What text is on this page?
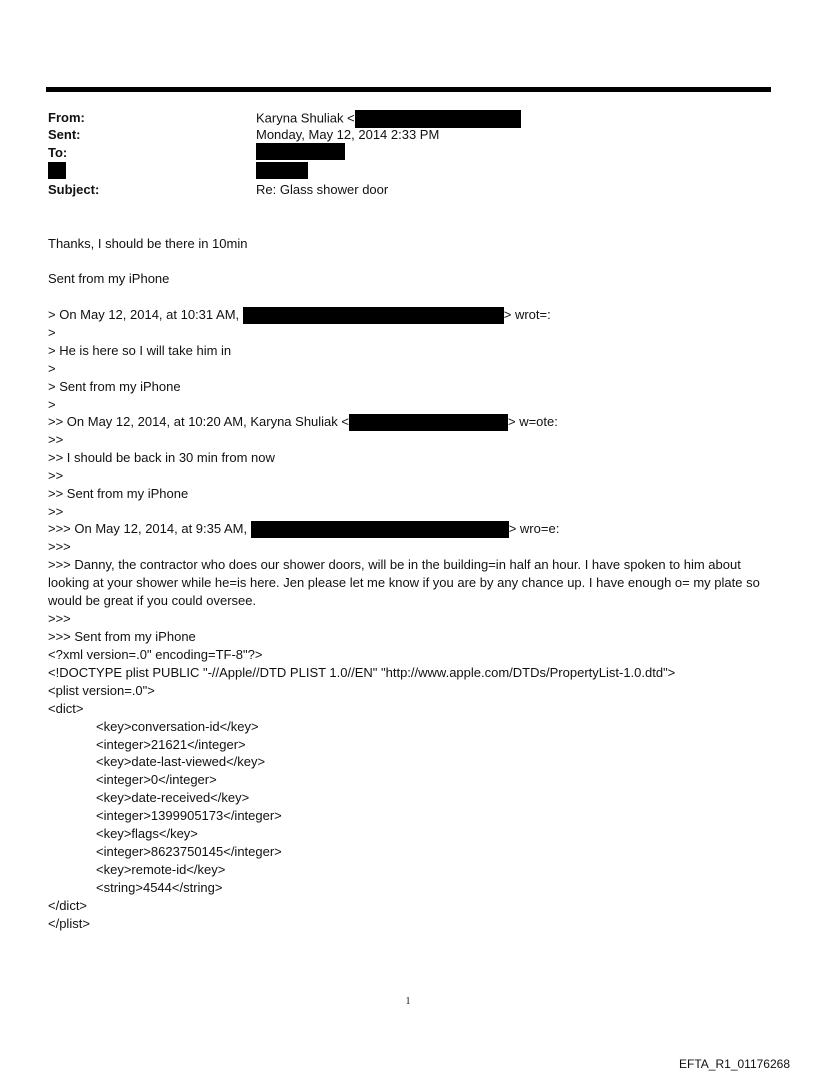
From:	Karyna Shuliak <
Sent:	Monday, May 12, 2014 2:33 PM
To:
Subject:	Re: Glass shower door
Thanks, I should be there in 10min
Sent from my iPhone
> On May 12, 2014, at 10:31 AM,	> wrot=:
>
> He is here so I will take him in
>
> Sent from my iPhone
>
>> On May 12, 2014, at 10:20 AM, Karyna Shuliak <	> w=ote:
>>
>> I should be back in 30 min from now
>>
>> Sent from my iPhone
>>
>>> On May 12, 2014, at 9:35 AM,	> wro=e:
>>>
>>> Danny, the contractor who does our shower doors, will be in the building=in half an hour. I have spoken to him about looking at your shower while he=is here. Jen please let me know if you are by any chance up. I have enough o= my plate so would be great if you could oversee.
>>>
>>> Sent from my iPhone
<?xml version=.0" encoding=TF-8"?>
<!DOCTYPE plist PUBLIC "-//Apple//DTD PLIST 1.0//EN" "http://www.apple.com/DTDs/PropertyList-1.0.dtd">
<plist version=.0">
<dict>
<key>conversation-id</key>
<integer>21621</integer>
<key>date-last-viewed</key>
<integer>0</integer>
<key>date-received</key>
<integer>1399905173</integer>
<key>flags</key>
<integer>8623750145</integer>
<key>remote-id</key>
<string>4544</string>
</dict>
</plist>
1
EFTA_R1_01176268
